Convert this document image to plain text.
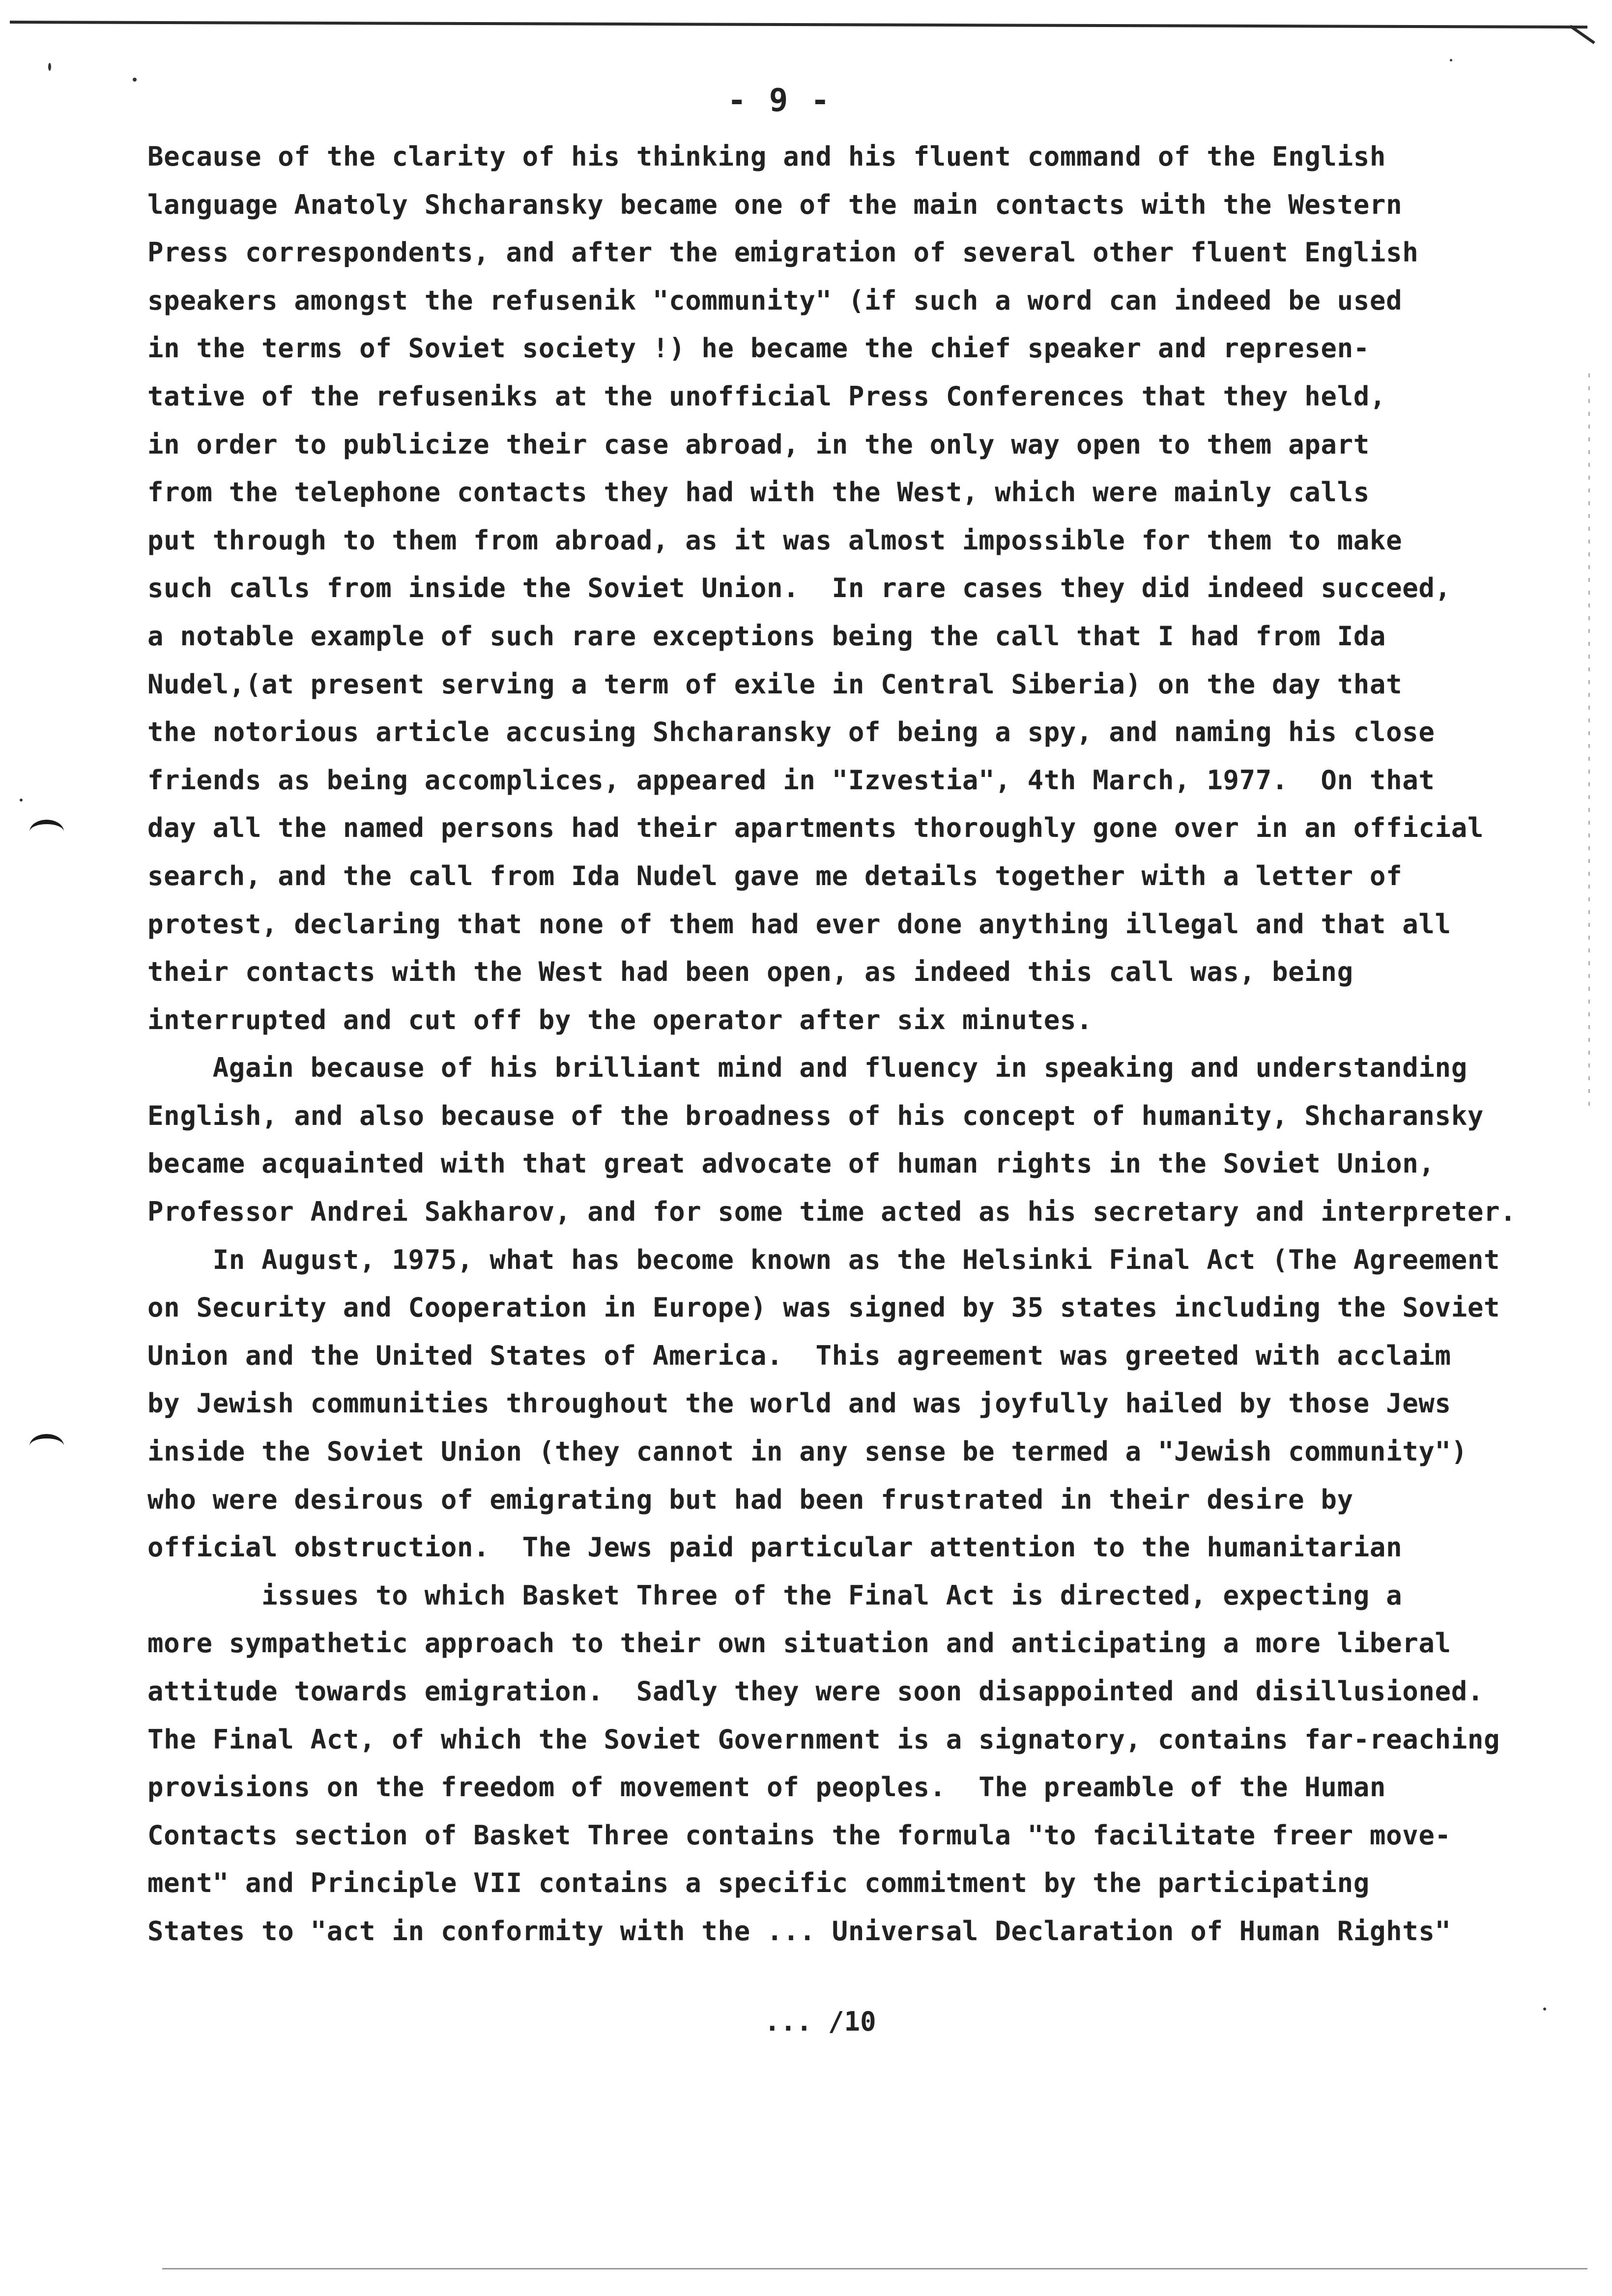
- 9 -
Because of the clarity of his thinking and his fluent command of the English
language Anatoly Shcharansky became one of the main contacts with the Western
Press correspondents, and after the emigration of several other fluent English
speakers amongst the refusenik "community" (if such a word can indeed be used
in the terms of Soviet society !) he became the chief speaker and represen-
tative of the refuseniks at the unofficial Press Conferences that they held,
in order to publicize their case abroad, in the only way open to them apart
from the telephone contacts they had with the West, which were mainly calls
put through to them from abroad, as it was almost impossible for them to make
such calls from inside the Soviet Union.  In rare cases they did indeed succeed,
a notable example of such rare exceptions being the call that I had from Ida
Nudel,(at present serving a term of exile in Central Siberia) on the day that
the notorious article accusing Shcharansky of being a spy, and naming his close
friends as being accomplices, appeared in "Izvestia", 4th March, 1977.  On that
day all the named persons had their apartments thoroughly gone over in an official
search, and the call from Ida Nudel gave me details together with a letter of
protest, declaring that none of them had ever done anything illegal and that all
their contacts with the West had been open, as indeed this call was, being
interrupted and cut off by the operator after six minutes.
Again because of his brilliant mind and fluency in speaking and understanding
English, and also because of the broadness of his concept of humanity, Shcharansky
became acquainted with that great advocate of human rights in the Soviet Union,
Professor Andrei Sakharov, and for some time acted as his secretary and interpreter.
In August, 1975, what has become known as the Helsinki Final Act (The Agreement
on Security and Cooperation in Europe) was signed by 35 states including the Soviet
Union and the United States of America.  This agreement was greeted with acclaim
by Jewish communities throughout the world and was joyfully hailed by those Jews
inside the Soviet Union (they cannot in any sense be termed a "Jewish community")
who were desirous of emigrating but had been frustrated in their desire by
official obstruction.  The Jews paid particular attention to the humanitarian
issues to which Basket Three of the Final Act is directed, expecting a
more sympathetic approach to their own situation and anticipating a more liberal
attitude towards emigration.  Sadly they were soon disappointed and disillusioned.
The Final Act, of which the Soviet Government is a signatory, contains far-reaching
provisions on the freedom of movement of peoples.  The preamble of the Human
Contacts section of Basket Three contains the formula "to facilitate freer move-
ment" and Principle VII contains a specific commitment by the participating
States to "act in conformity with the ... Universal Declaration of Human Rights"
... /10
